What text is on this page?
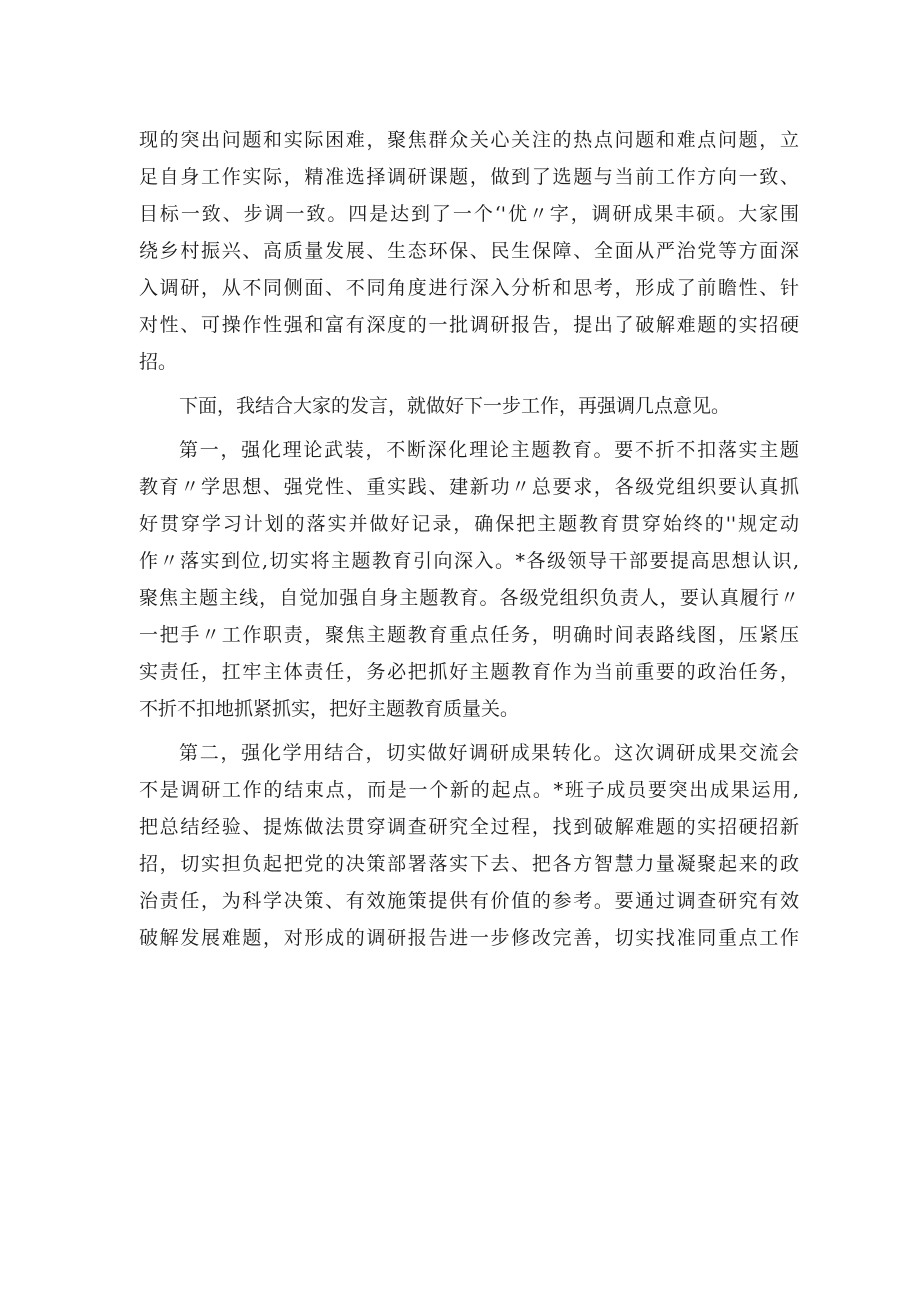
现的突出问题和实际困难，聚焦群众关心关注的热点问题和难点问题，立
足自身工作实际，精准选择调研课题，做到了选题与当前工作方向一致、
目标一致、步调一致。四是达到了一个‘'优〃字，调研成果丰硕。大家围
绕乡村振兴、高质量发展、生态环保、民生保障、全面从严治党等方面深
入调研，从不同侧面、不同角度进行深入分析和思考，形成了前瞻性、针
对性、可操作性强和富有深度的一批调研报告，提出了破解难题的实招硬
招。
下面，我结合大家的发言，就做好下一步工作，再强调几点意见。
第一，强化理论武装，不断深化理论主题教育。要不折不扣落实主题
教育〃学思想、强党性、重实践、建新功〃总要求，各级党组织要认真抓
好贯穿学习计划的落实并做好记录，确保把主题教育贯穿始终的''规定动
作〃落实到位,切实将主题教育引向深入。*各级领导干部要提高思想认识,
聚焦主题主线，自觉加强自身主题教育。各级党组织负责人，要认真履行〃
一把手〃工作职责，聚焦主题教育重点任务，明确时间表路线图，压紧压
实责任，扛牢主体责任，务必把抓好主题教育作为当前重要的政治任务，
不折不扣地抓紧抓实，把好主题教育质量关。
第二，强化学用结合，切实做好调研成果转化。这次调研成果交流会
不是调研工作的结束点，而是一个新的起点。*班子成员要突出成果运用,
把总结经验、提炼做法贯穿调查研究全过程，找到破解难题的实招硬招新
招，切实担负起把党的决策部署落实下去、把各方智慧力量凝聚起来的政
治责任，为科学决策、有效施策提供有价值的参考。要通过调查研究有效
破解发展难题，对形成的调研报告进一步修改完善，切实找准同重点工作
